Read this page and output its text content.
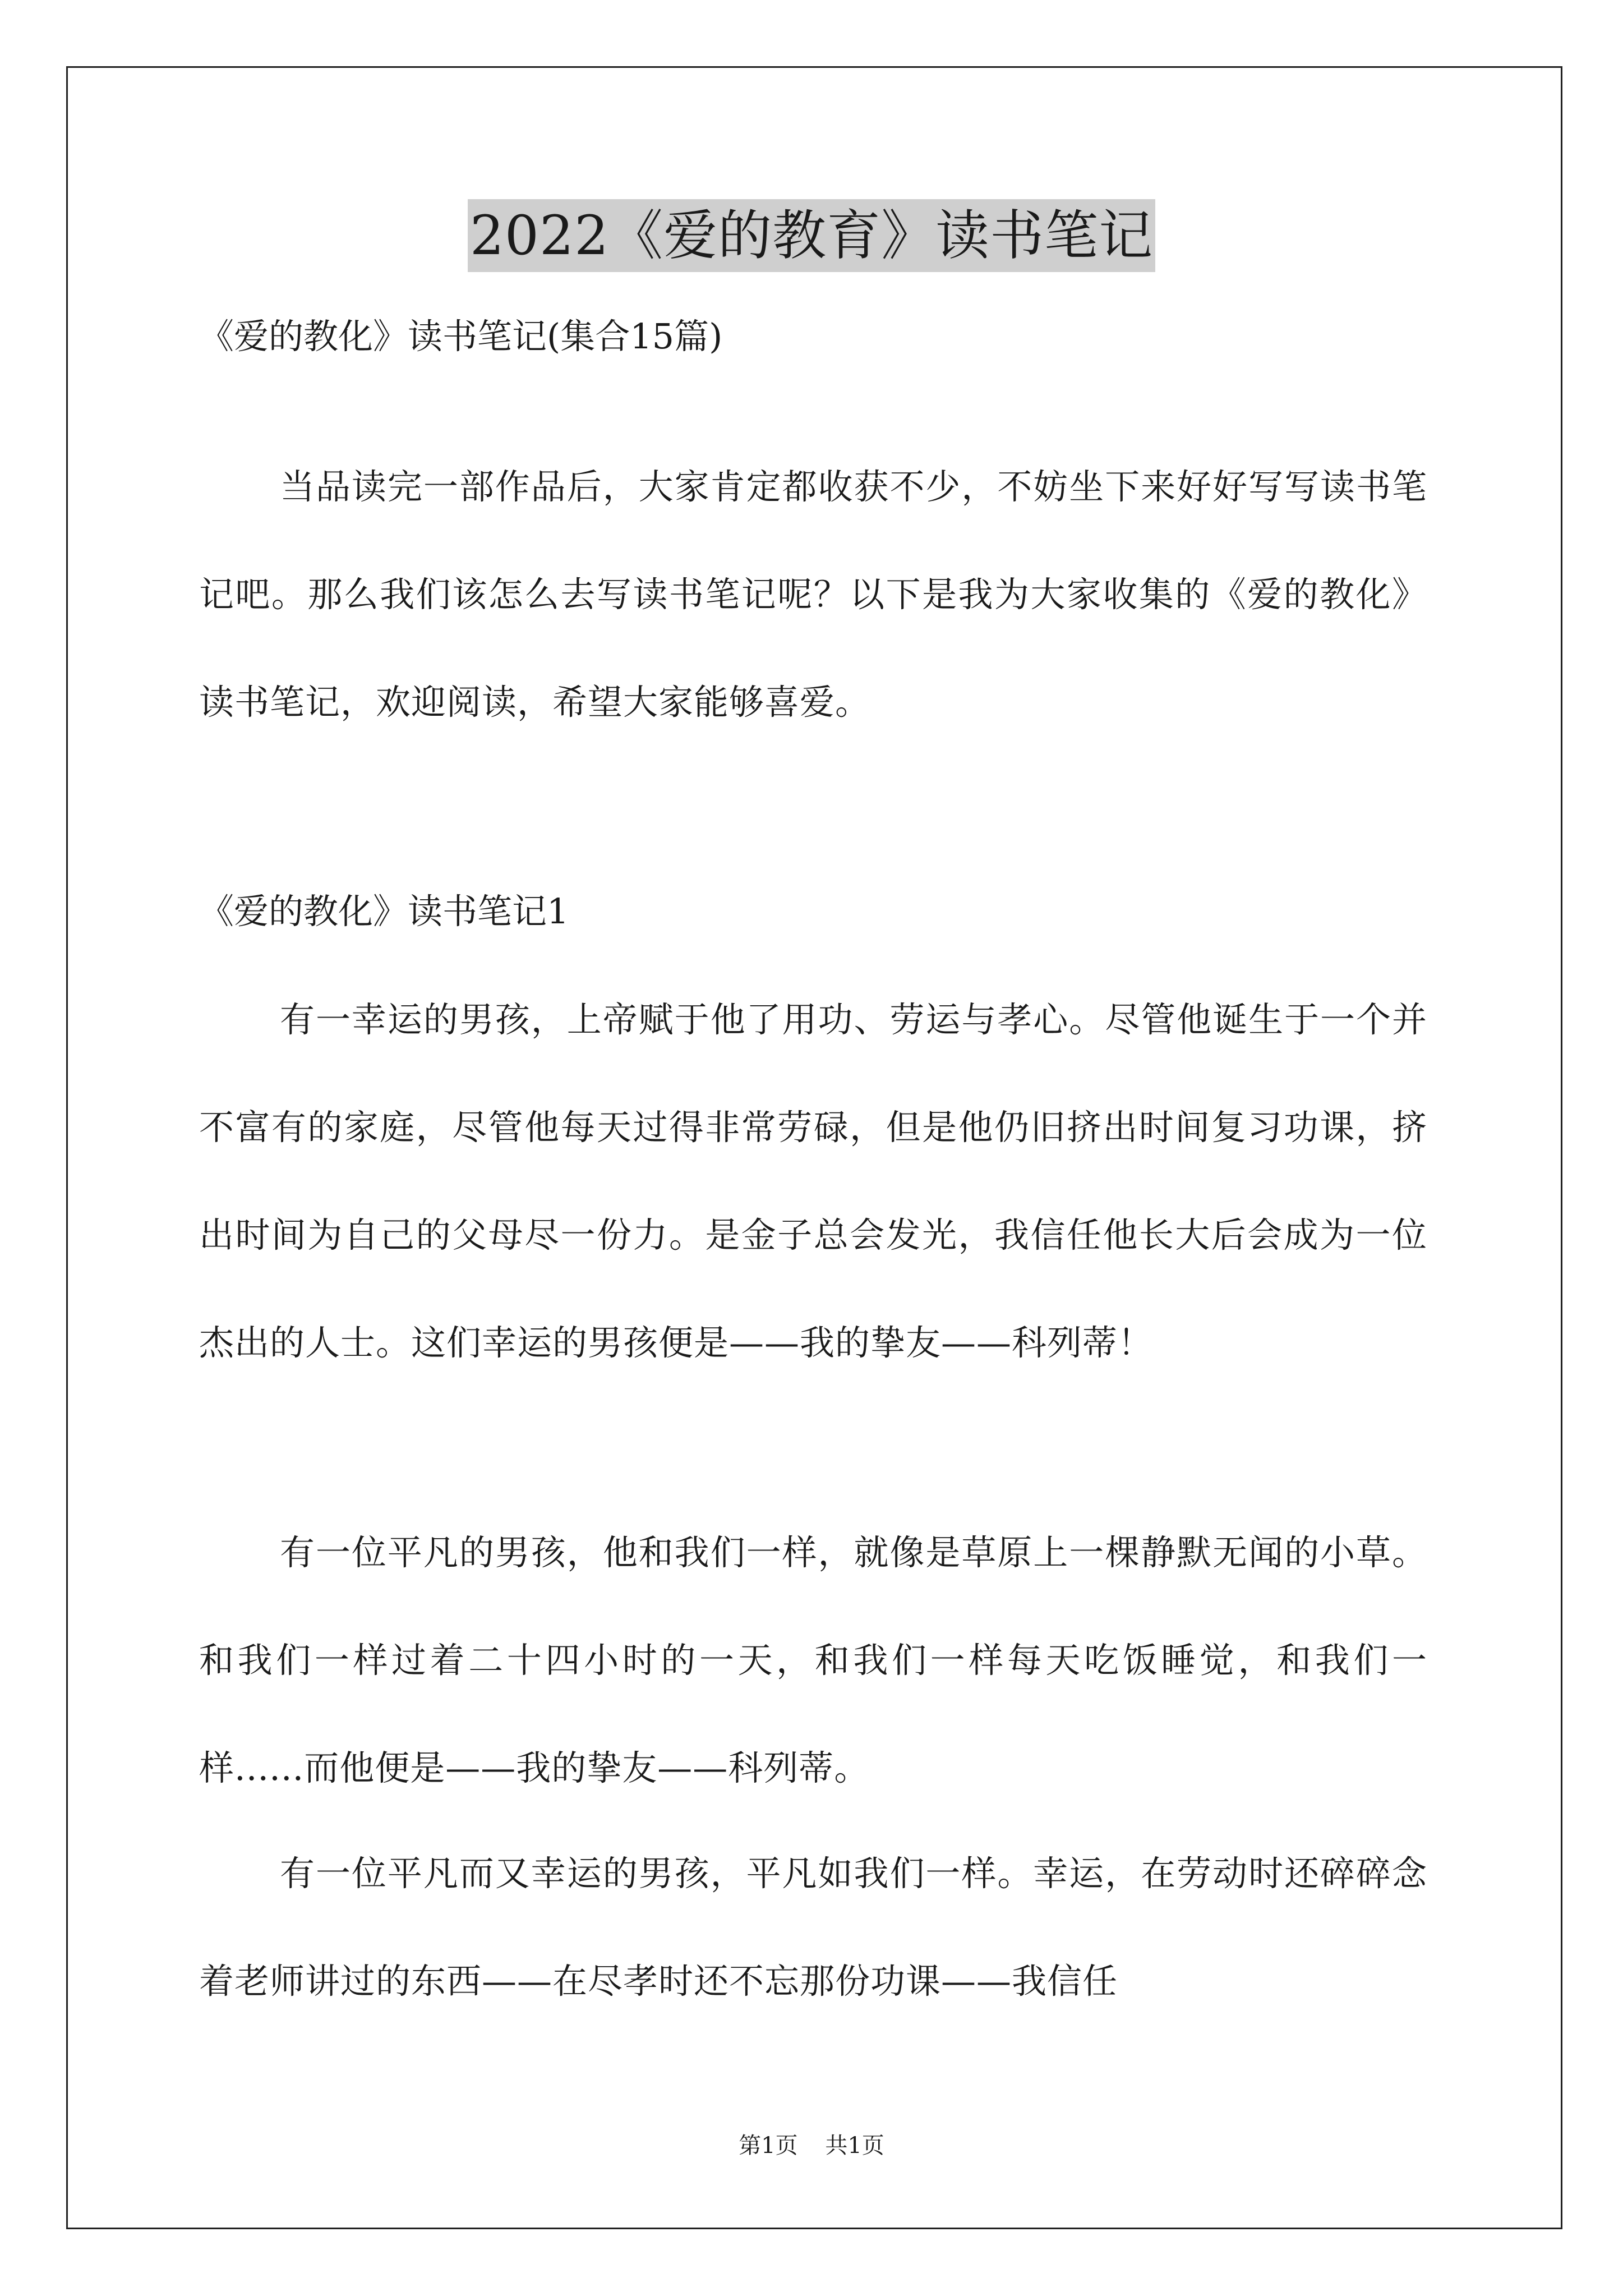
2022《爱的教育》读书笔记
《爱的教化》读书笔记(集合15篇)

当品读完一部作品后，大家肯定都收获不少，不妨坐下来好好写写读书笔记吧。那么我们该怎么去写读书笔记呢？以下是我为大家收集的《爱的教化》读书笔记，欢迎阅读，希望大家能够喜爱。

《爱的教化》读书笔记1

有一幸运的男孩，上帝赋于他了用功、劳运与孝心。尽管他诞生于一个并不富有的家庭，尽管他每天过得非常劳碌，但是他仍旧挤出时间复习功课，挤出时间为自己的父母尽一份力。是金子总会发光，我信任他长大后会成为一位杰出的人士。这们幸运的男孩便是——我的挚友——科列蒂！

有一位平凡的男孩，他和我们一样，就像是草原上一棵静默无闻的小草。和我们一样过着二十四小时的一天，和我们一样每天吃饭睡觉，和我们一样......而他便是——我的挚友——科列蒂。

有一位平凡而又幸运的男孩，平凡如我们一样。幸运，在劳动时还碎碎念着老师讲过的东西——在尽孝时还不忘那份功课——我信任

第1页 共1页
